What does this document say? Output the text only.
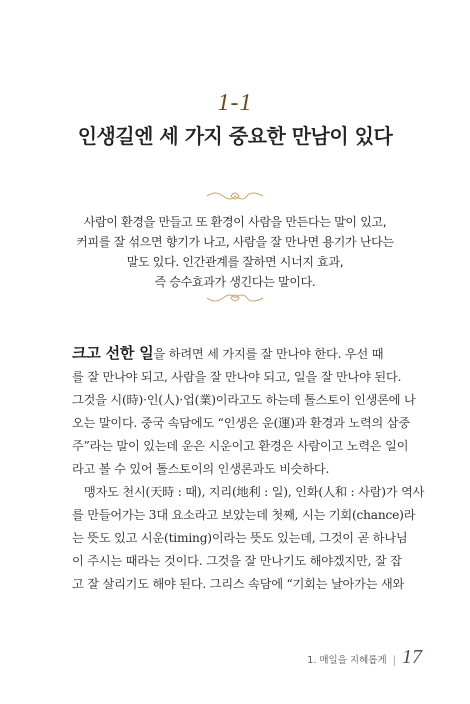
1-1
인생길엔 세 가지 중요한 만남이 있다
사람이 환경을 만들고 또 환경이 사람을 만든다는 말이 있고,
커피를 잘 섞으면 향기가 나고, 사람을 잘 만나면 용기가 난다는
말도 있다. 인간관계를 잘하면 시너지 효과,
즉 승수효과가 생긴다는 말이다.
크고 선한 일을 하려면 세 가지를 잘 만나야 한다. 우선 때
를 잘 만나야 되고, 사람을 잘 만나야 되고, 일을 잘 만나야 된다.
그것을 시(時)·인(人)·업(業)이라고도 하는데 톨스토이 인생론에 나
오는 말이다. 중국 속담에도 “인생은 운(運)과 환경과 노력의 삼중
주”라는 말이 있는데 운은 시운이고 환경은 사람이고 노력은 일이
라고 볼 수 있어 톨스토이의 인생론과도 비슷하다.
맹자도 천시(天時 : 때), 지리(地利 : 일), 인화(人和 : 사람)가 역사
를 만들어가는 3대 요소라고 보았는데 첫째, 시는 기회(chance)라
는 뜻도 있고 시운(timing)이라는 뜻도 있는데, 그것이 곧 하나님
이 주시는 때라는 것이다. 그것을 잘 만나기도 해야겠지만, 잘 잡
고 잘 살리기도 해야 된다. 그리스 속담에 “기회는 날아가는 새와
1. 매일을 지혜롭게 | 17
